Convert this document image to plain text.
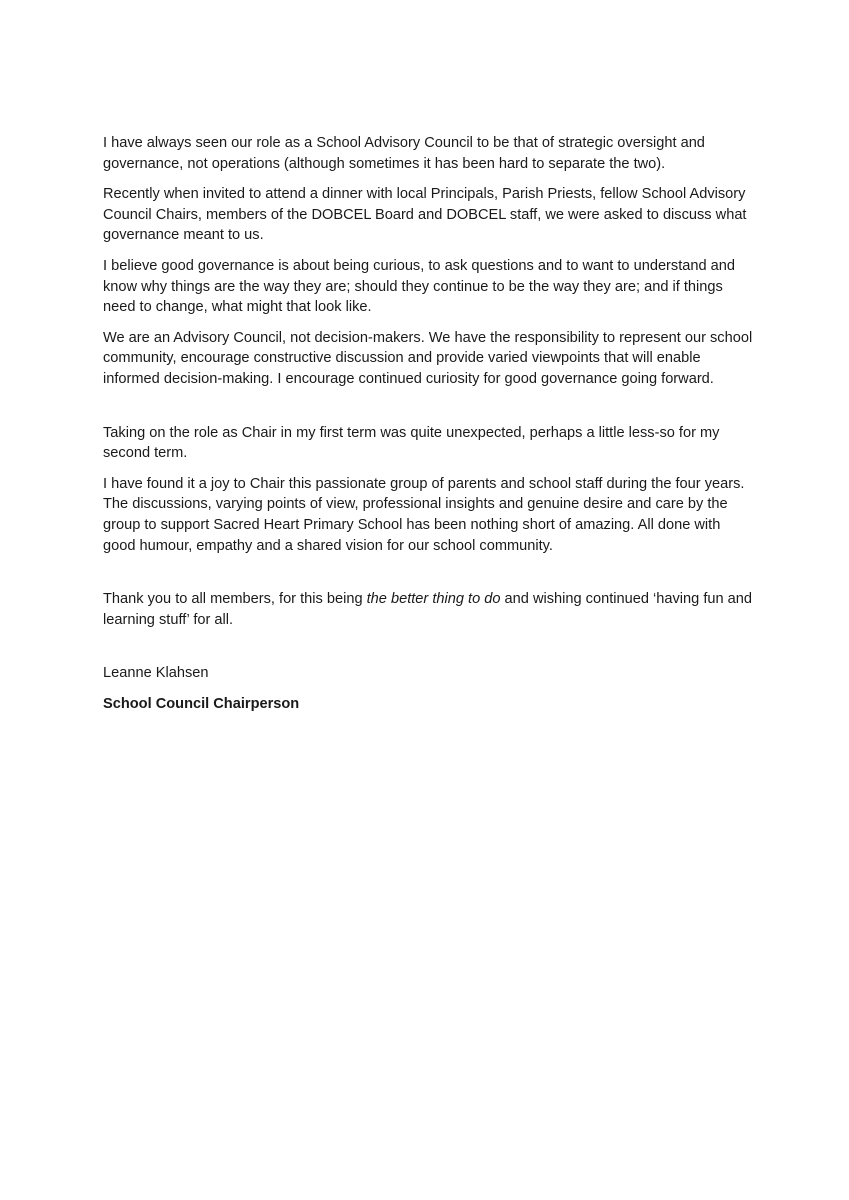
I have always seen our role as a School Advisory Council to be that of strategic oversight and governance, not operations (although sometimes it has been hard to separate the two).

Recently when invited to attend a dinner with local Principals, Parish Priests, fellow School Advisory Council Chairs, members of the DOBCEL Board and DOBCEL staff, we were asked to discuss what governance meant to us.

I believe good governance is about being curious, to ask questions and to want to understand and know why things are the way they are; should they continue to be the way they are; and if things need to change, what might that look like.

We are an Advisory Council, not decision-makers. We have the responsibility to represent our school community, encourage constructive discussion and provide varied viewpoints that will enable informed decision-making. I encourage continued curiosity for good governance going forward.

Taking on the role as Chair in my first term was quite unexpected, perhaps a little less-so for my second term.

I have found it a joy to Chair this passionate group of parents and school staff during the four years. The discussions, varying points of view, professional insights and genuine desire and care by the group to support Sacred Heart Primary School has been nothing short of amazing. All done with good humour, empathy and a shared vision for our school community.

Thank you to all members, for this being the better thing to do and wishing continued ‘having fun and learning stuff’ for all.

Leanne Klahsen

School Council Chairperson
